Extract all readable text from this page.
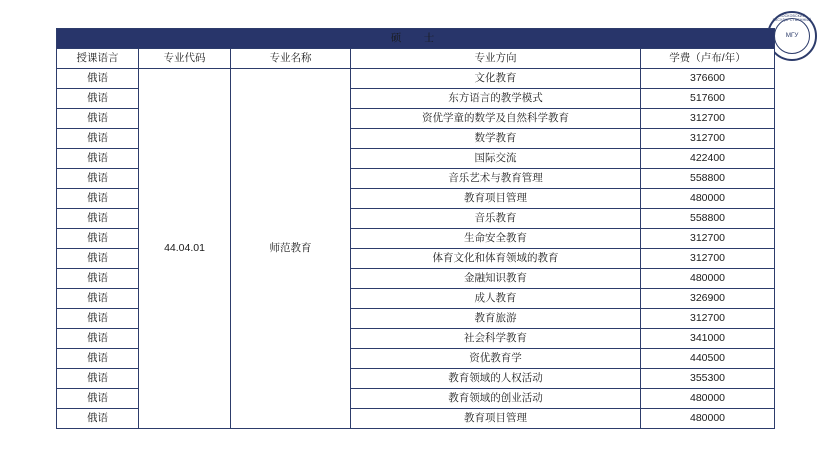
МОСКОВСКИЙ ГОСУДАРСТВЕННЫЙ
МГУ
硕　士				
授课语言	专业代码	专业名称	专业方向	学费（卢布/年）
俄语	44.04.01	师范教育	文化教育	376600
俄语			东方语言的教学模式	517600
俄语			资优学童的数学及自然科学教育	312700
俄语			数学教育	312700
俄语			国际交流	422400
俄语			音乐艺术与教育管理	558800
俄语			教育项目管理	480000
俄语			音乐教育	558800
俄语			生命安全教育	312700
俄语			体育文化和体育领域的教育	312700
俄语			金融知识教育	480000
俄语			成人教育	326900
俄语			教育旅游	312700
俄语			社会科学教育	341000
俄语			资优教育学	440500
俄语			教育领域的人权活动	355300
俄语			教育领域的创业活动	480000
俄语			教育项目管理	480000
